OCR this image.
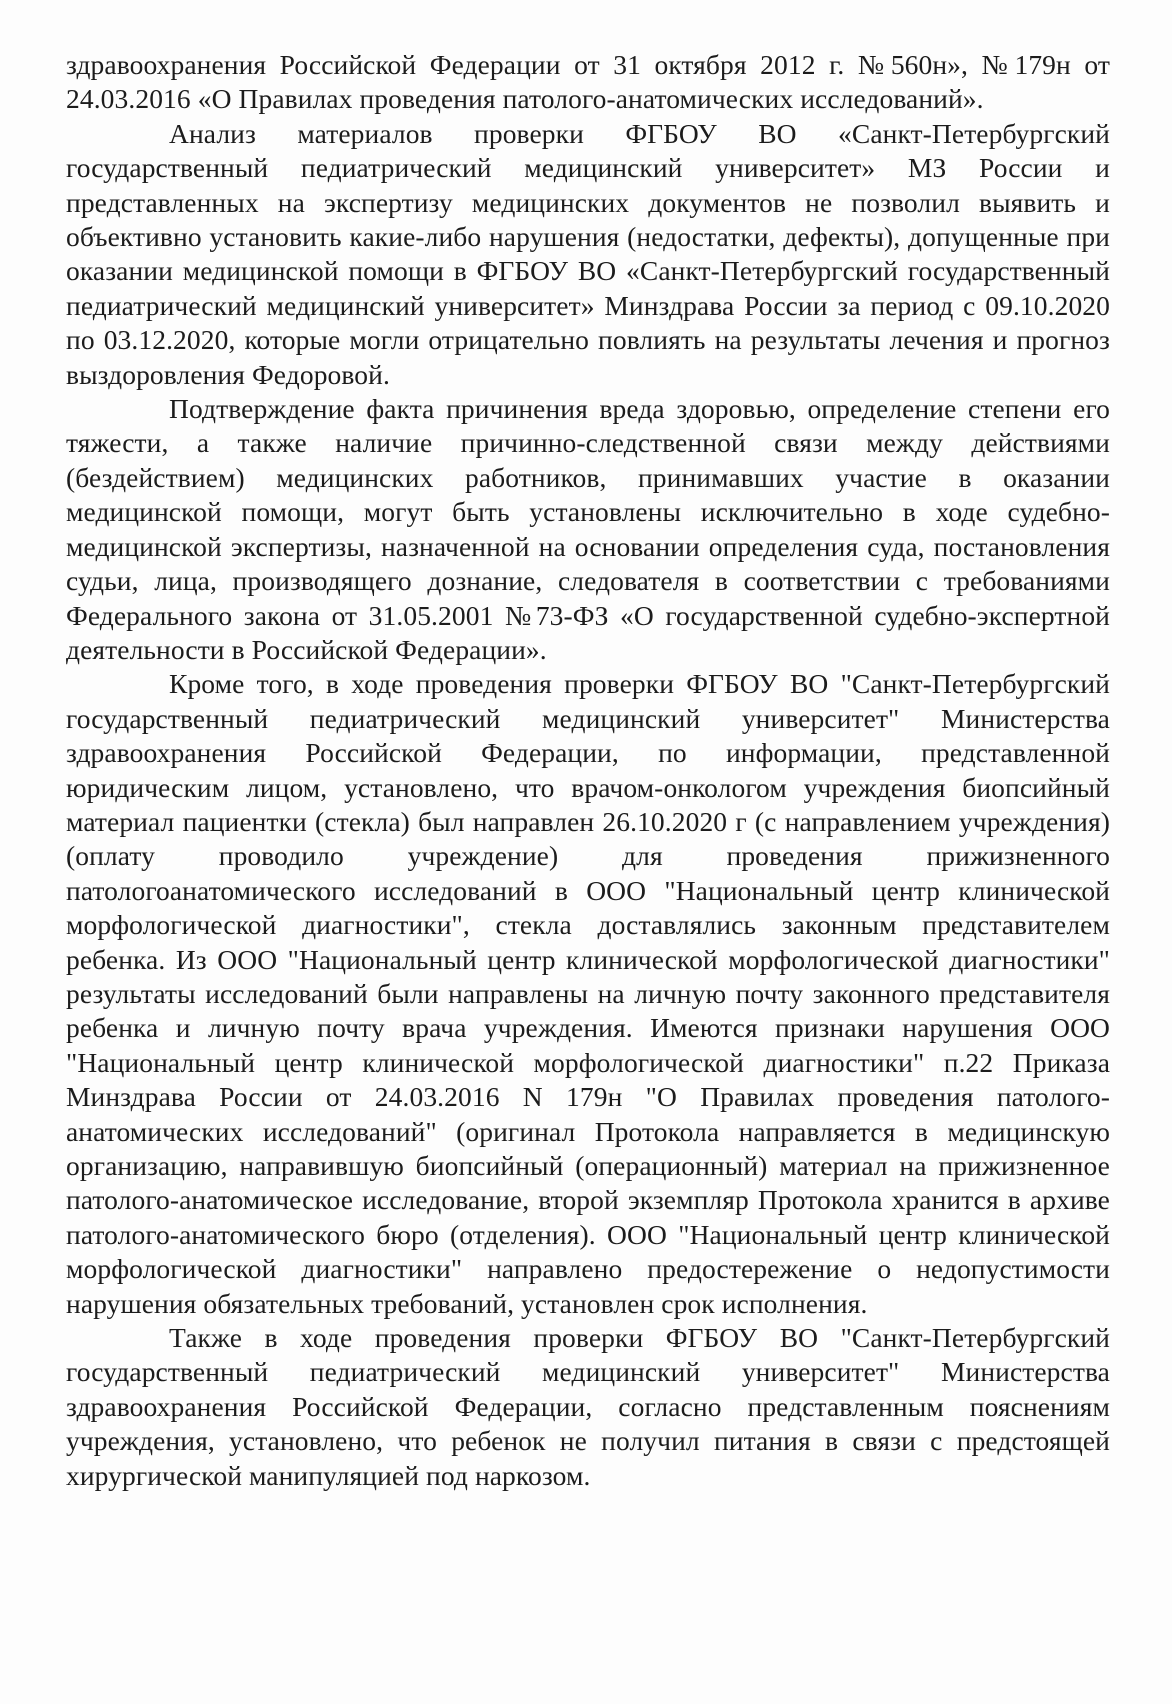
здравоохранения Российской Федерации от 31 октября 2012 г. №560н», №179н от 24.03.2016 «О Правилах проведения патолого-анатомических исследований».

Анализ материалов проверки ФГБОУ ВО «Санкт-Петербургский государственный педиатрический медицинский университет» МЗ России и представленных на экспертизу медицинских документов не позволил выявить и объективно установить какие-либо нарушения (недостатки, дефекты), допущенные при оказании медицинской помощи в ФГБОУ ВО «Санкт-Петербургский государственный педиатрический медицинский университет» Минздрава России за период с 09.10.2020 по 03.12.2020, которые могли отрицательно повлиять на результаты лечения и прогноз выздоровления Федоровой.

Подтверждение факта причинения вреда здоровью, определение степени его тяжести, а также наличие причинно-следственной связи между действиями (бездействием) медицинских работников, принимавших участие в оказании медицинской помощи, могут быть установлены исключительно в ходе судебно-медицинской экспертизы, назначенной на основании определения суда, постановления судьи, лица, производящего дознание, следователя в соответствии с требованиями Федерального закона от 31.05.2001 №73-ФЗ «О государственной судебно-экспертной деятельности в Российской Федерации».

Кроме того, в ходе проведения проверки ФГБОУ ВО "Санкт-Петербургский государственный педиатрический медицинский университет" Министерства здравоохранения Российской Федерации, по информации, представленной юридическим лицом, установлено, что врачом-онкологом учреждения биопсийный материал пациентки (стекла) был направлен 26.10.2020 г (с направлением учреждения) (оплату проводило учреждение) для проведения прижизненного патологоанатомического исследований в ООО "Национальный центр клинической морфологической диагностики", стекла доставлялись законным представителем ребенка. Из ООО "Национальный центр клинической морфологической диагностики" результаты исследований были направлены на личную почту законного представителя ребенка и личную почту врача учреждения. Имеются признаки нарушения ООО "Национальный центр клинической морфологической диагностики" п.22 Приказа Минздрава России от 24.03.2016 N 179н "О Правилах проведения патолого-анатомических исследований" (оригинал Протокола направляется в медицинскую организацию, направившую биопсийный (операционный) материал на прижизненное патолого-анатомическое исследование, второй экземпляр Протокола хранится в архиве патолого-анатомического бюро (отделения). ООО "Национальный центр клинической морфологической диагностики" направлено предостережение о недопустимости нарушения обязательных требований, установлен срок исполнения.

Также в ходе проведения проверки ФГБОУ ВО "Санкт-Петербургский государственный педиатрический медицинский университет" Министерства здравоохранения Российской Федерации, согласно представленным пояснениям учреждения, установлено, что ребенок не получил питания в связи с предстоящей хирургической манипуляцией под наркозом.
